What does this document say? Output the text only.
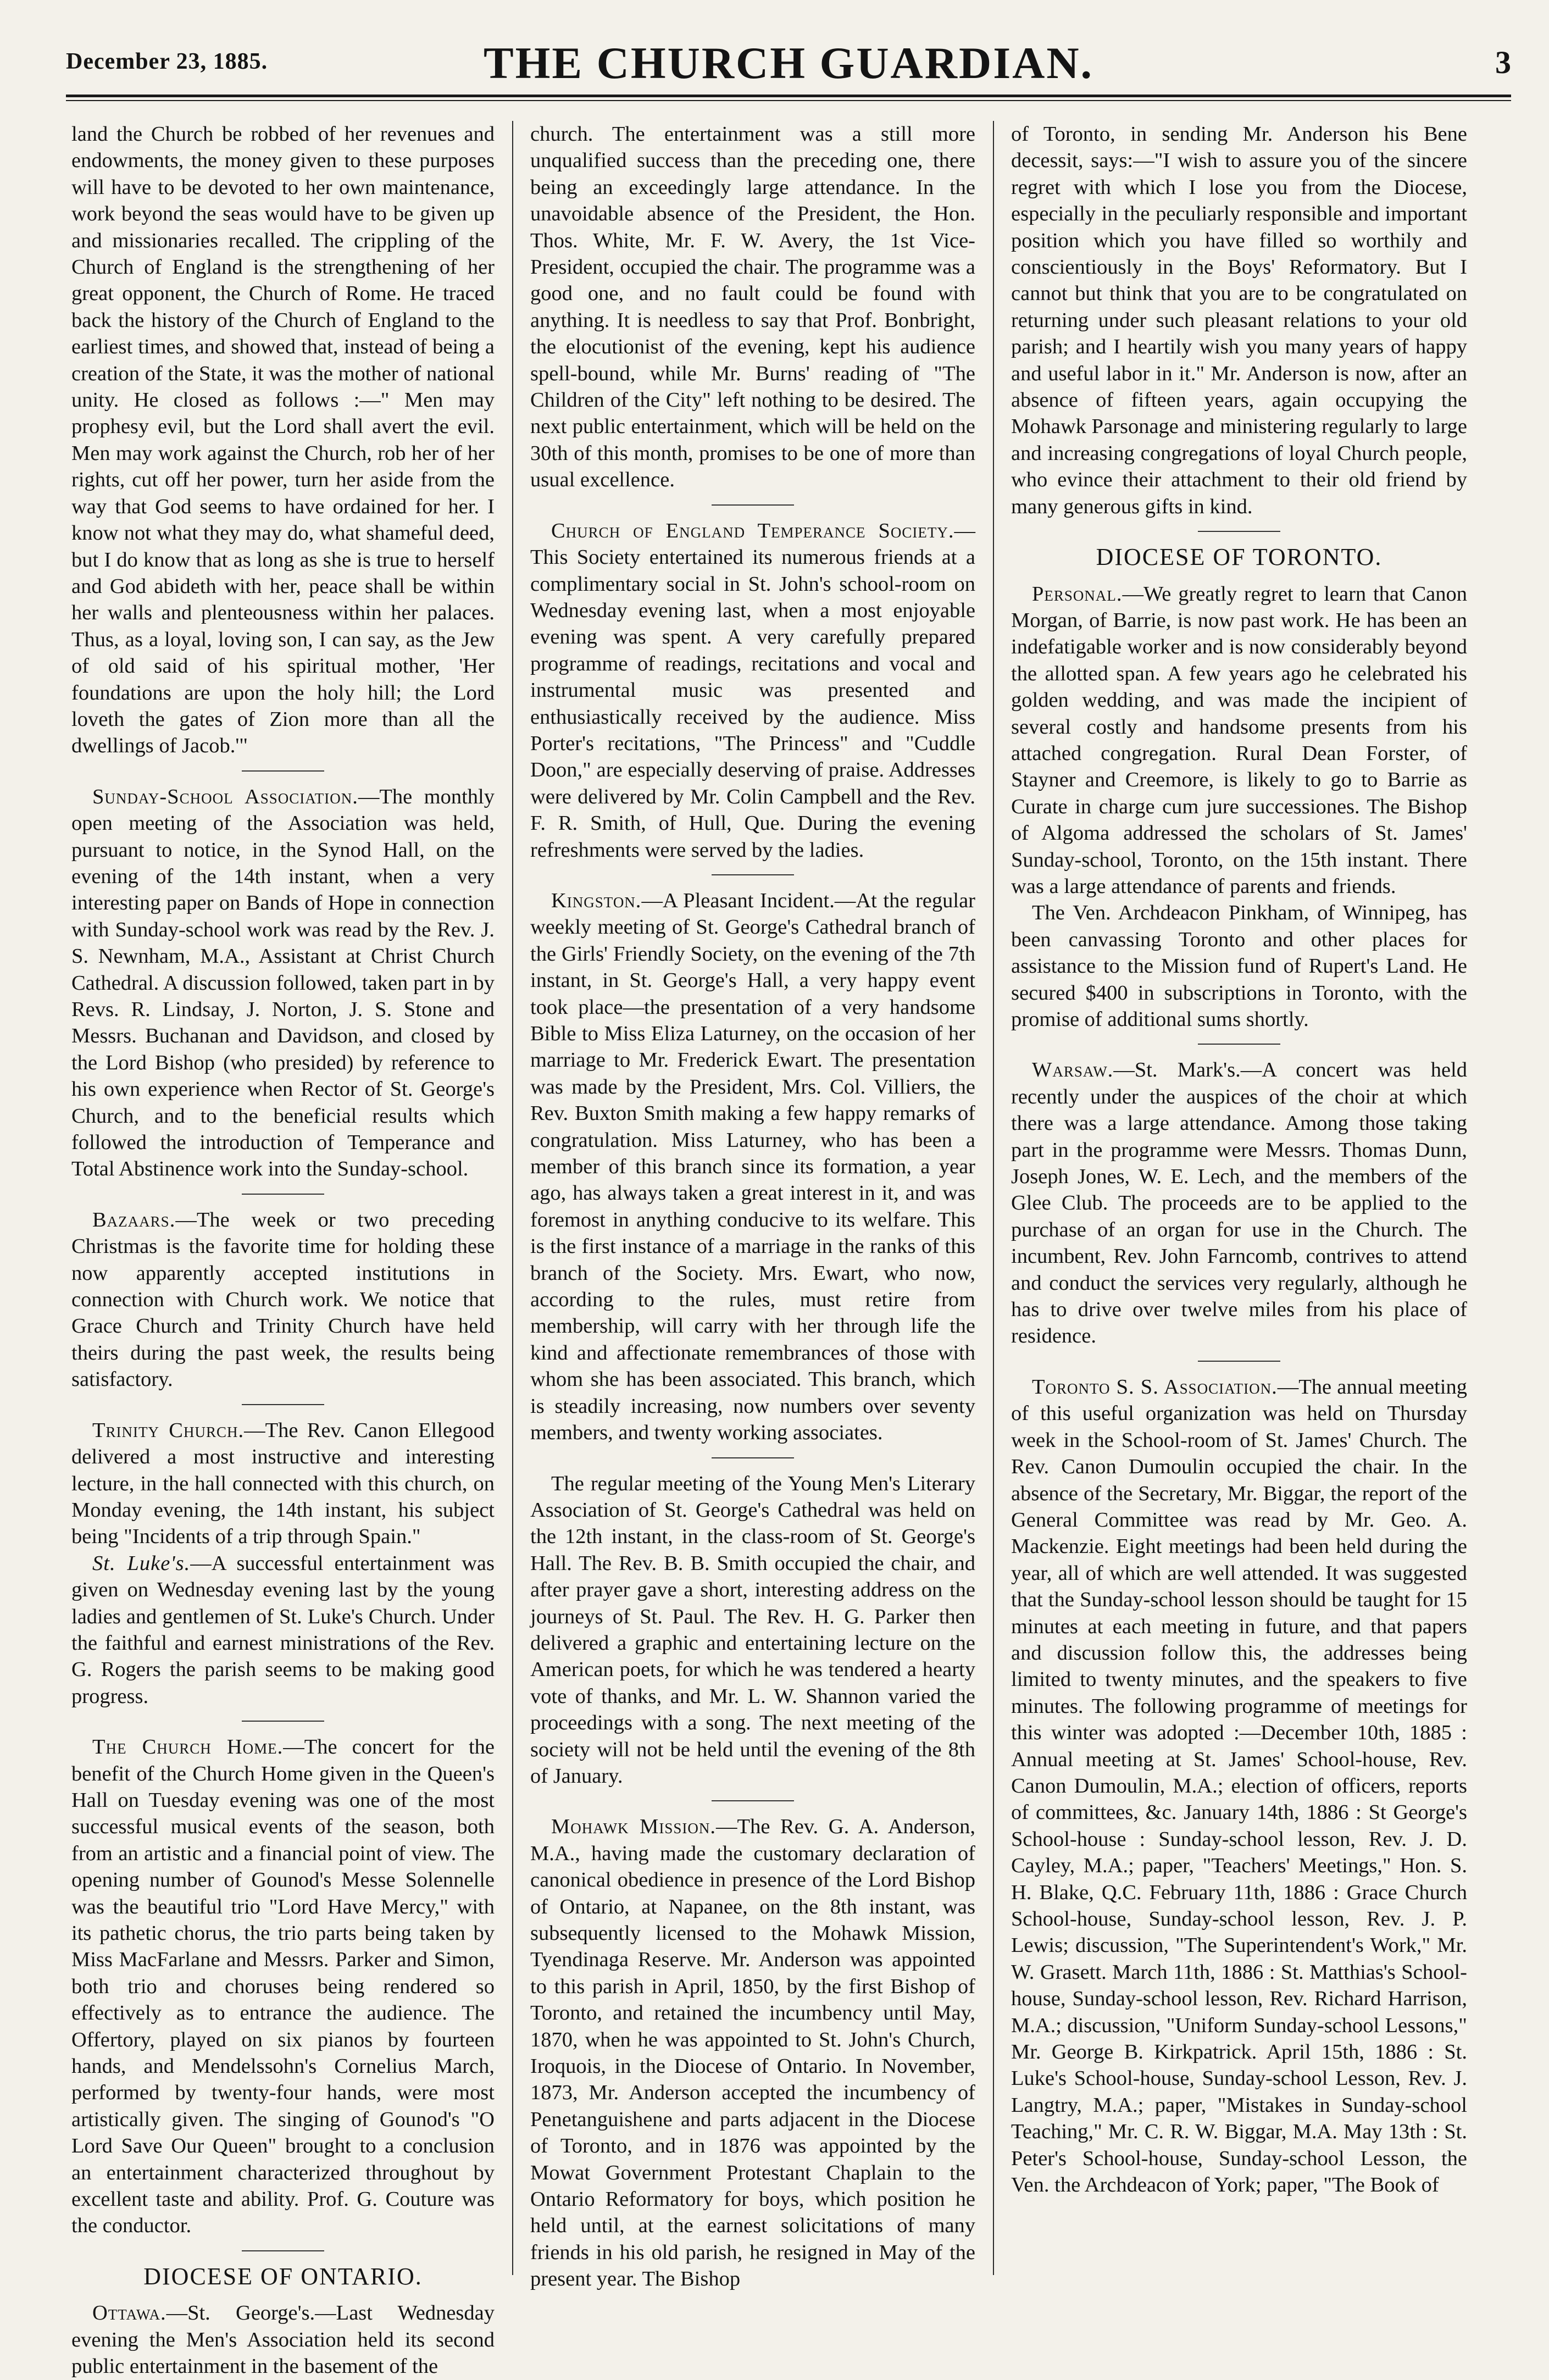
December 23, 1885.	THE CHURCH GUARDIAN.	3

land the Church be robbed of her revenues and endowments, the money given to these purposes will have to be devoted to her own maintenance, work beyond the seas would have to be given up and missionaries recalled. The crippling of the Church of England is the strengthening of her great opponent, the Church of Rome. He traced back the history of the Church of England to the earliest times, and showed that, instead of being a creation of the State, it was the mother of national unity. He closed as follows :—" Men may prophesy evil, but the Lord shall avert the evil. Men may work against the Church, rob her of her rights, cut off her power, turn her aside from the way that God seems to have ordained for her. I know not what they may do, what shameful deed, but I do know that as long as she is true to herself and God abideth with her, peace shall be within her walls and plenteousness within her palaces. Thus, as a loyal, loving son, I can say, as the Jew of old said of his spiritual mother, 'Her foundations are upon the holy hill; the Lord loveth the gates of Zion more than all the dwellings of Jacob.'"

Sunday-School Association.—The monthly open meeting of the Association was held, pursuant to notice, in the Synod Hall, on the evening of the 14th instant, when a very interesting paper on Bands of Hope in connection with Sunday-school work was read by the Rev. J. S. Newnham, M.A., Assistant at Christ Church Cathedral. A discussion followed, taken part in by Revs. R. Lindsay, J. Norton, J. S. Stone and Messrs. Buchanan and Davidson, and closed by the Lord Bishop (who presided) by reference to his own experience when Rector of St. George's Church, and to the beneficial results which followed the introduction of Temperance and Total Abstinence work into the Sunday-school.

Bazaars.—The week or two preceding Christmas is the favorite time for holding these now apparently accepted institutions in connection with Church work. We notice that Grace Church and Trinity Church have held theirs during the past week, the results being satisfactory.

Trinity Church.—The Rev. Canon Ellegood delivered a most instructive and interesting lecture, in the hall connected with this church, on Monday evening, the 14th instant, his subject being "Incidents of a trip through Spain."

St. Luke's.—A successful entertainment was given on Wednesday evening last by the young ladies and gentlemen of St. Luke's Church. Under the faithful and earnest ministrations of the Rev. G. Rogers the parish seems to be making good progress.

The Church Home.—The concert for the benefit of the Church Home given in the Queen's Hall on Tuesday evening was one of the most successful musical events of the season, both from an artistic and a financial point of view. The opening number of Gounod's Messe Solennelle was the beautiful trio "Lord Have Mercy," with its pathetic chorus, the trio parts being taken by Miss MacFarlane and Messrs. Parker and Simon, both trio and choruses being rendered so effectively as to entrance the audience. The Offertory, played on six pianos by fourteen hands, and Mendelssohn's Cornelius March, performed by twenty-four hands, were most artistically given. The singing of Gounod's "O Lord Save Our Queen" brought to a conclusion an entertainment characterized throughout by excellent taste and ability. Prof. G. Couture was the conductor.

DIOCESE OF ONTARIO.

Ottawa.—St. George's.—Last Wednesday evening the Men's Association held its second public entertainment in the basement of the

church. The entertainment was a still more unqualified success than the preceding one, there being an exceedingly large attendance. In the unavoidable absence of the President, the Hon. Thos. White, Mr. F. W. Avery, the 1st Vice-President, occupied the chair. The programme was a good one, and no fault could be found with anything. It is needless to say that Prof. Bonbright, the elocutionist of the evening, kept his audience spell-bound, while Mr. Burns' reading of "The Children of the City" left nothing to be desired. The next public entertainment, which will be held on the 30th of this month, promises to be one of more than usual excellence.

Church of England Temperance Society.—This Society entertained its numerous friends at a complimentary social in St. John's school-room on Wednesday evening last, when a most enjoyable evening was spent. A very carefully prepared programme of readings, recitations and vocal and instrumental music was presented and enthusiastically received by the audience. Miss Porter's recitations, "The Princess" and "Cuddle Doon," are especially deserving of praise. Addresses were delivered by Mr. Colin Campbell and the Rev. F. R. Smith, of Hull, Que. During the evening refreshments were served by the ladies.

Kingston.—A Pleasant Incident.—At the regular weekly meeting of St. George's Cathedral branch of the Girls' Friendly Society, on the evening of the 7th instant, in St. George's Hall, a very happy event took place—the presentation of a very handsome Bible to Miss Eliza Laturney, on the occasion of her marriage to Mr. Frederick Ewart. The presentation was made by the President, Mrs. Col. Villiers, the Rev. Buxton Smith making a few happy remarks of congratulation. Miss Laturney, who has been a member of this branch since its formation, a year ago, has always taken a great interest in it, and was foremost in anything conducive to its welfare. This is the first instance of a marriage in the ranks of this branch of the Society. Mrs. Ewart, who now, according to the rules, must retire from membership, will carry with her through life the kind and affectionate remembrances of those with whom she has been associated. This branch, which is steadily increasing, now numbers over seventy members, and twenty working associates.

The regular meeting of the Young Men's Literary Association of St. George's Cathedral was held on the 12th instant, in the class-room of St. George's Hall. The Rev. B. B. Smith occupied the chair, and after prayer gave a short, interesting address on the journeys of St. Paul. The Rev. H. G. Parker then delivered a graphic and entertaining lecture on the American poets, for which he was tendered a hearty vote of thanks, and Mr. L. W. Shannon varied the proceedings with a song. The next meeting of the society will not be held until the evening of the 8th of January.

Mohawk Mission.—The Rev. G. A. Anderson, M.A., having made the customary declaration of canonical obedience in presence of the Lord Bishop of Ontario, at Napanee, on the 8th instant, was subsequently licensed to the Mohawk Mission, Tyendinaga Reserve. Mr. Anderson was appointed to this parish in April, 1850, by the first Bishop of Toronto, and retained the incumbency until May, 1870, when he was appointed to St. John's Church, Iroquois, in the Diocese of Ontario. In November, 1873, Mr. Anderson accepted the incumbency of Penetanguishene and parts adjacent in the Diocese of Toronto, and in 1876 was appointed by the Mowat Government Protestant Chaplain to the Ontario Reformatory for boys, which position he held until, at the earnest solicitations of many friends in his old parish, he resigned in May of the present year. The Bishop

of Toronto, in sending Mr. Anderson his Bene decessit, says:—"I wish to assure you of the sincere regret with which I lose you from the Diocese, especially in the peculiarly responsible and important position which you have filled so worthily and conscientiously in the Boys' Reformatory. But I cannot but think that you are to be congratulated on returning under such pleasant relations to your old parish; and I heartily wish you many years of happy and useful labor in it." Mr. Anderson is now, after an absence of fifteen years, again occupying the Mohawk Parsonage and ministering regularly to large and increasing congregations of loyal Church people, who evince their attachment to their old friend by many generous gifts in kind.

DIOCESE OF TORONTO.

Personal.—We greatly regret to learn that Canon Morgan, of Barrie, is now past work. He has been an indefatigable worker and is now considerably beyond the allotted span. A few years ago he celebrated his golden wedding, and was made the incipient of several costly and handsome presents from his attached congregation. Rural Dean Forster, of Stayner and Creemore, is likely to go to Barrie as Curate in charge cum jure successiones. The Bishop of Algoma addressed the scholars of St. James' Sunday-school, Toronto, on the 15th instant. There was a large attendance of parents and friends.

The Ven. Archdeacon Pinkham, of Winnipeg, has been canvassing Toronto and other places for assistance to the Mission fund of Rupert's Land. He secured $400 in subscriptions in Toronto, with the promise of additional sums shortly.

Warsaw.—St. Mark's.—A concert was held recently under the auspices of the choir at which there was a large attendance. Among those taking part in the programme were Messrs. Thomas Dunn, Joseph Jones, W. E. Lech, and the members of the Glee Club. The proceeds are to be applied to the purchase of an organ for use in the Church. The incumbent, Rev. John Farncomb, contrives to attend and conduct the services very regularly, although he has to drive over twelve miles from his place of residence.

Toronto S. S. Association.—The annual meeting of this useful organization was held on Thursday week in the School-room of St. James' Church. The Rev. Canon Dumoulin occupied the chair. In the absence of the Secretary, Mr. Biggar, the report of the General Committee was read by Mr. Geo. A. Mackenzie. Eight meetings had been held during the year, all of which are well attended. It was suggested that the Sunday-school lesson should be taught for 15 minutes at each meeting in future, and that papers and discussion follow this, the addresses being limited to twenty minutes, and the speakers to five minutes. The following programme of meetings for this winter was adopted :—December 10th, 1885 : Annual meeting at St. James' School-house, Rev. Canon Dumoulin, M.A.; election of officers, reports of committees, &c. January 14th, 1886 : St George's School-house : Sunday-school lesson, Rev. J. D. Cayley, M.A.; paper, "Teachers' Meetings," Hon. S. H. Blake, Q.C. February 11th, 1886 : Grace Church School-house, Sunday-school lesson, Rev. J. P. Lewis; discussion, "The Superintendent's Work," Mr. W. Grasett. March 11th, 1886 : St. Matthias's School-house, Sunday-school lesson, Rev. Richard Harrison, M.A.; discussion, "Uniform Sunday-school Lessons," Mr. George B. Kirkpatrick. April 15th, 1886 : St. Luke's School-house, Sunday-school Lesson, Rev. J. Langtry, M.A.; paper, "Mistakes in Sunday-school Teaching," Mr. C. R. W. Biggar, M.A. May 13th : St. Peter's School-house, Sunday-school Lesson, the Ven. the Archdeacon of York; paper, "The Book of
